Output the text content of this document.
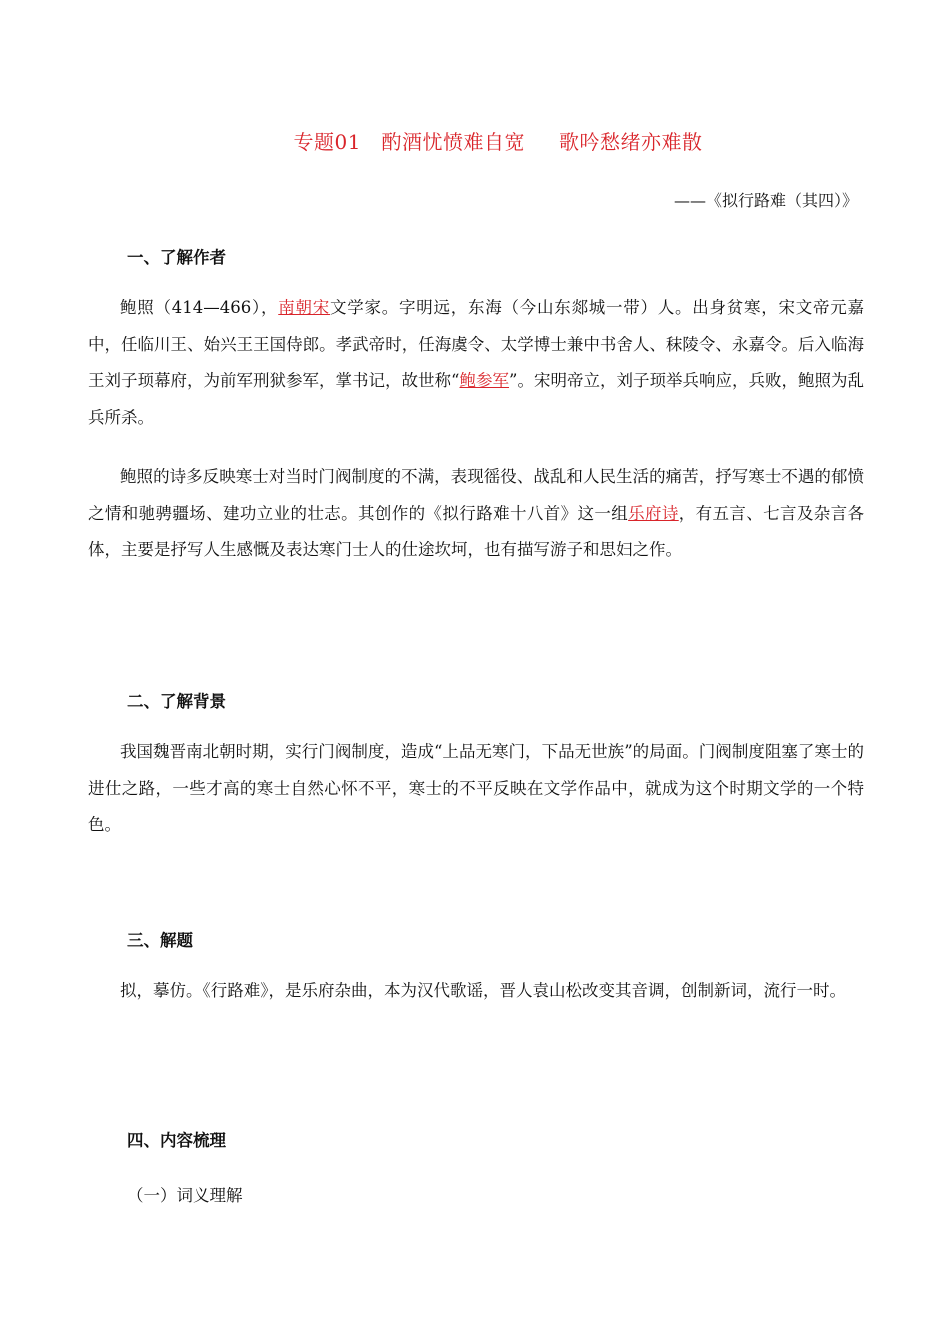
专题01　酌酒忧愤难自宽 歌吟愁绪亦难散
——《拟行路难（其四）》
一、了解作者

鲍照（414—466），南朝宋文学家。字明远，东海（今山东郯城一带）人。出身贫寒，宋文帝元嘉中，任临川王、始兴王王国侍郎。孝武帝时，任海虞令、太学博士兼中书舍人、秣陵令、永嘉令。后入临海王刘子顼幕府，为前军刑狱参军，掌书记，故世称“鲍参军”。宋明帝立，刘子顼举兵响应，兵败，鲍照为乱兵所杀。

鲍照的诗多反映寒士对当时门阀制度的不满，表现徭役、战乱和人民生活的痛苦，抒写寒士不遇的郁愤之情和驰骋疆场、建功立业的壮志。其创作的《拟行路难十八首》这一组乐府诗，有五言、七言及杂言各体，主要是抒写人生感慨及表达寒门士人的仕途坎坷，也有描写游子和思妇之作。

二、了解背景

我国魏晋南北朝时期，实行门阀制度，造成“上品无寒门，下品无世族”的局面。门阀制度阻塞了寒士的进仕之路，一些才高的寒士自然心怀不平，寒士的不平反映在文学作品中，就成为这个时期文学的一个特色。

三、解题

拟，摹仿。《行路难》，是乐府杂曲，本为汉代歌谣，晋人袁山松改变其音调，创制新词，流行一时。

四、内容梳理
（一）词义理解
